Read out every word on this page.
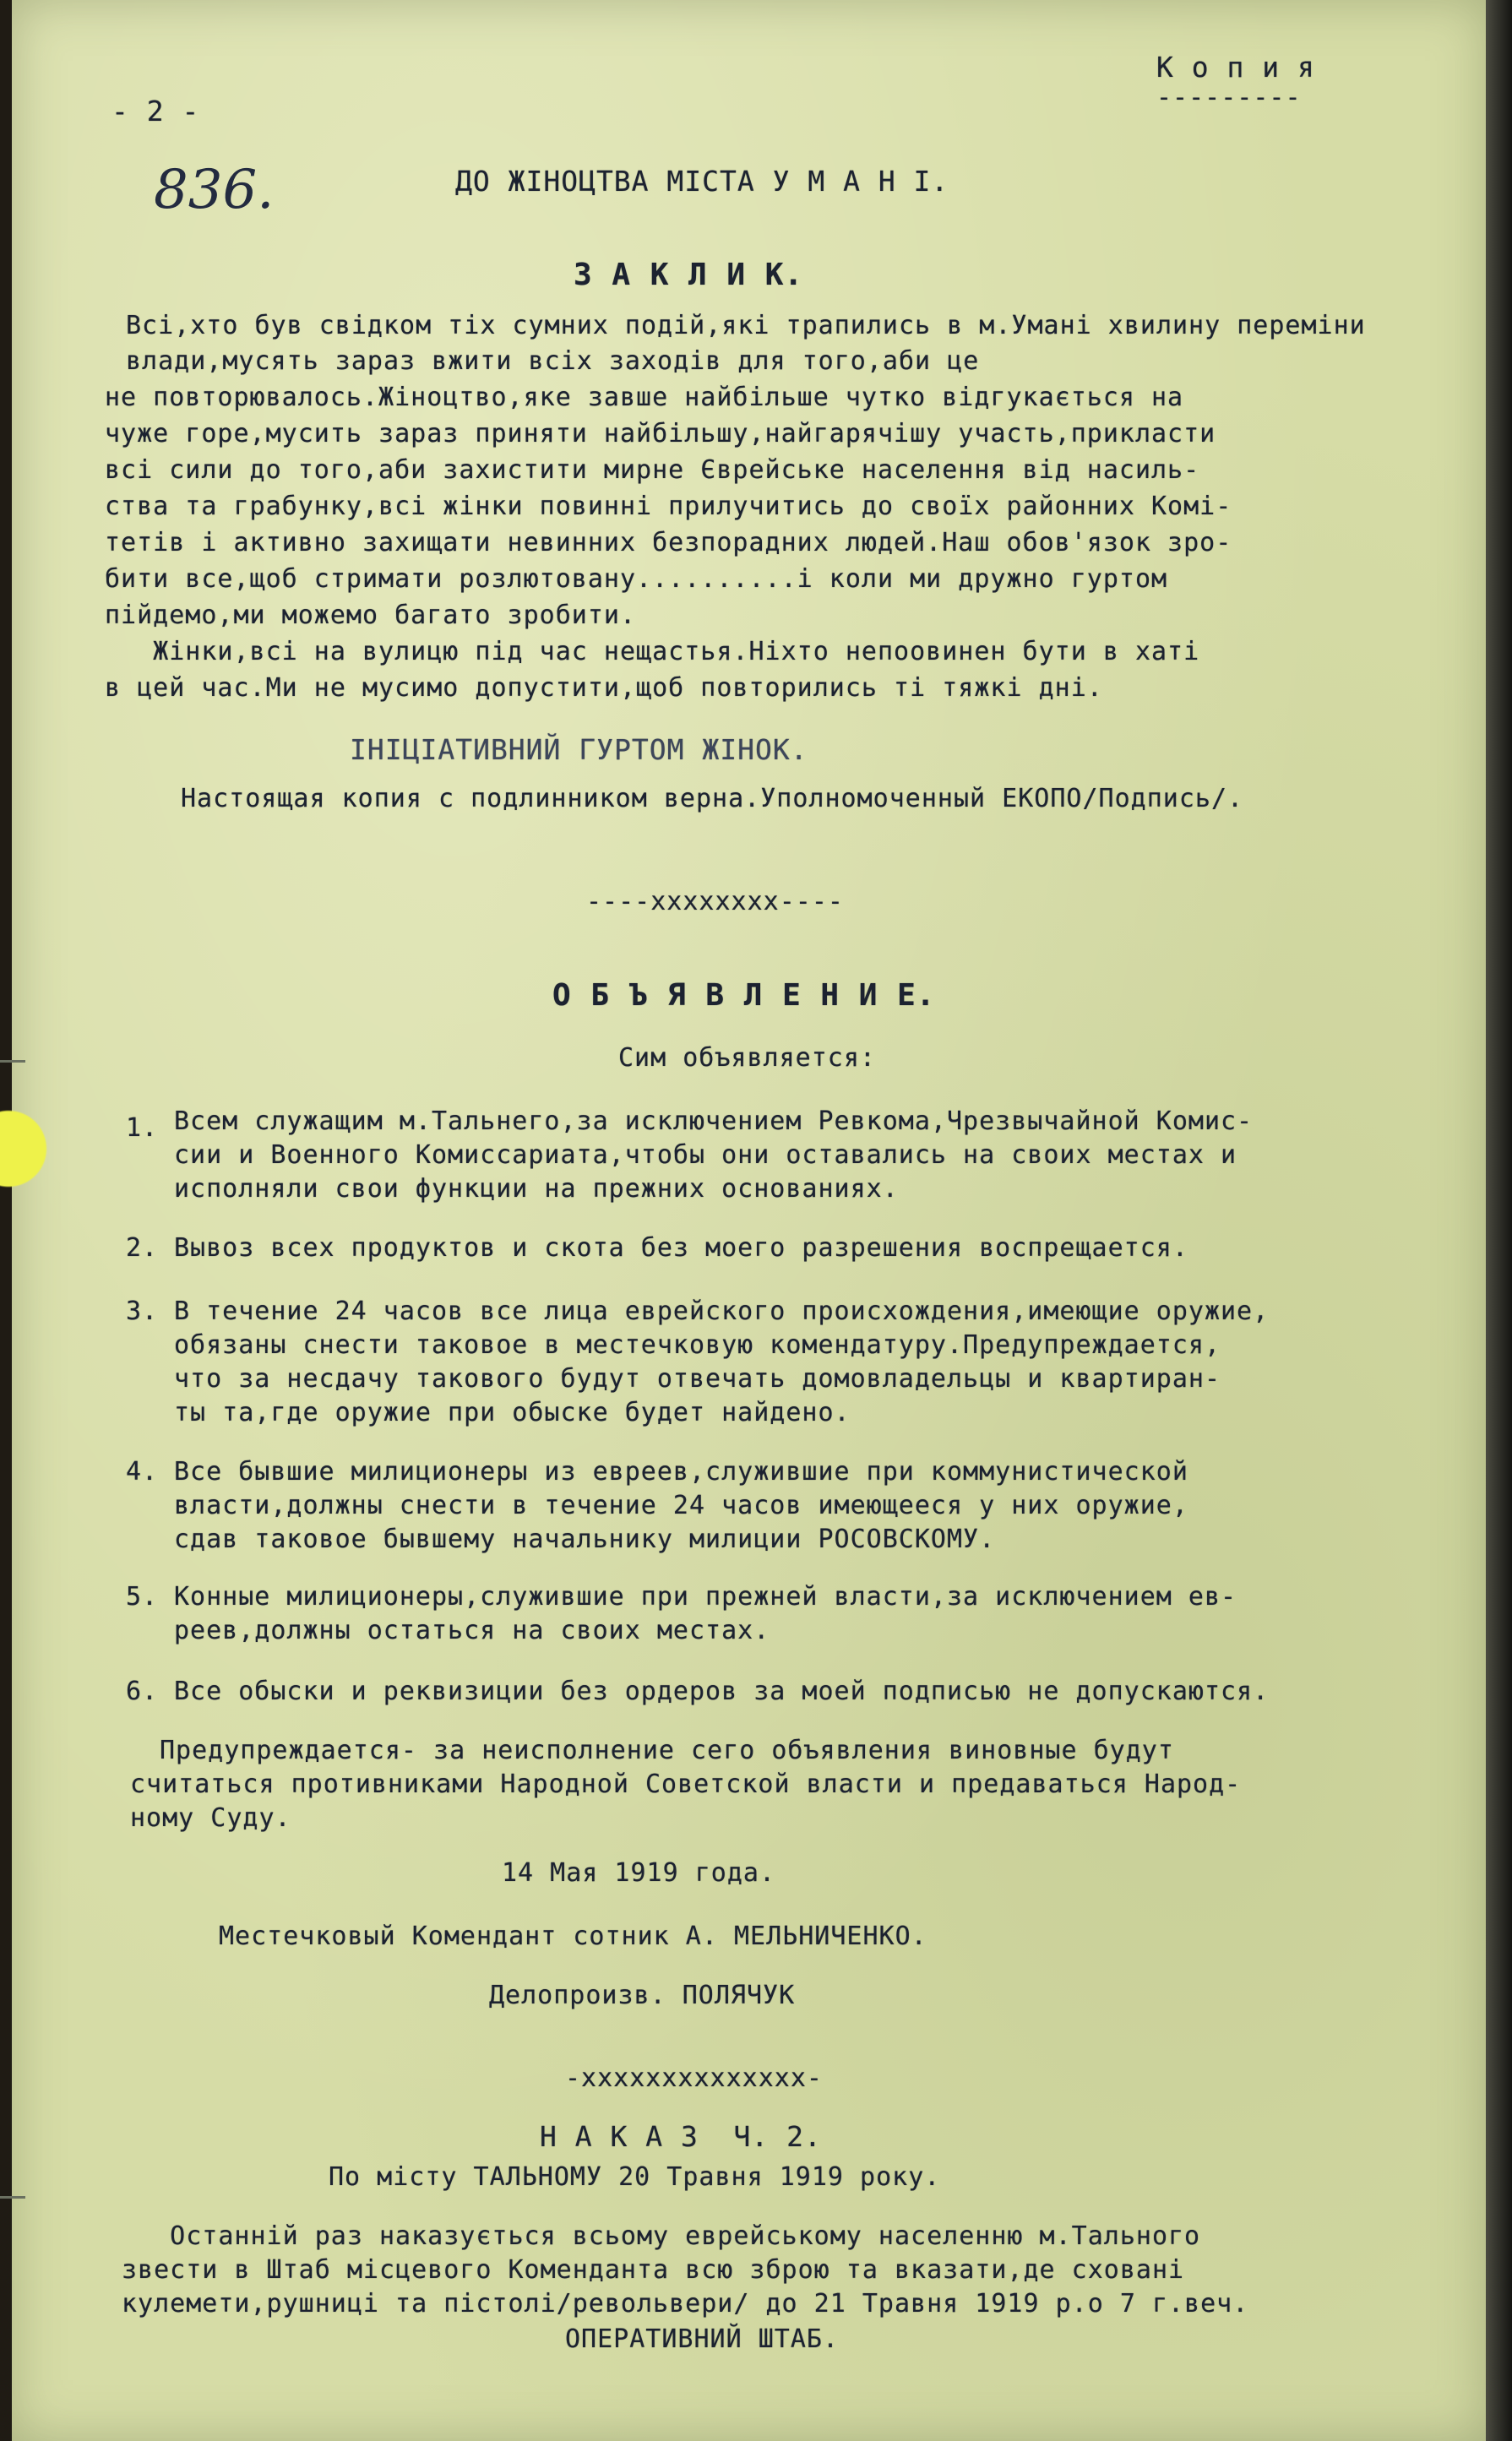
К о п и я
---------
- 2 -
836.	ДО ЖІНОЦТВА МІСТА У М А Н І.
З А К Л И К.
Всі,хто був свідком тіх сумних подій,які трапились в м.Умані хвилину переміни влади,мусять зараз вжити всіх заходів для того,аби це
не повторювалось.Жіноцтво,яке завше найбільше чутко відгукається на
чуже горе,мусить зараз приняти найбільшу,найгарячішу участь,прикласти
всі сили до того,аби захистити мирне Єврейське населення від насиль-
ства та грабунку,всі жінки повинні прилучитись до своїх районних Комі-
тетів і активно захищати невинних безпорадних людей.Наш обов'язок зро-
бити все,щоб стримати розлютовану..........і коли ми дружно гуртом
пійдемо,ми можемо багато зробити.
Жінки,всі на вулицю під час нещастья.Ніхто непоовинен бути в хаті
в цей час.Ми не мусимо допустити,щоб повторились ті тяжкі дні.
ІНІЦІАТИВНИЙ ГУРТОМ ЖІНОК.
Настоящая копия с подлинником верна.Уполномоченный ЕКОПО/Подпись/.
----xxxxxxxx----
О Б Ъ Я В Л Е Н И Е.
Сим объявляется:
1. Всем служащим м.Тальнего,за исключением Ревкома,Чрезвычайной Комис-
сии и Военного Комиссариата,чтобы они оставались на своих местах и
исполняли свои функции на прежних основаниях.
2. Вывоз всех продуктов и скота без моего разрешения воспрещается.
3. В течение 24 часов все лица еврейского происхождения,имеющие оружие,
обязаны снести таковое в местечковую комендатуру.Предупреждается,
что за несдачу такового будут отвечать домовладельцы и квартиран-
ты та,где оружие при обыске будет найдено.
4. Все бывшие милиционеры из евреев,служившие при коммунистической
власти,должны снести в течение 24 часов имеющееся у них оружие,
сдав таковое бывшему начальнику милиции РОСОВСКОМУ.
5. Конные милиционеры,служившие при прежней власти,за исключением ев-
реев,должны остаться на своих местах.
6. Все обыски и реквизиции без ордеров за моей подписью не допускаются.
Предупреждается- за неисполнение сего объявления виновные будут
считаться противниками Народной Советской власти и предаваться Народ-
ному Суду.
14 Мая 1919 года.
Местечковый Комендант сотник А. МЕЛЬНИЧЕНКО.
Делопроизв. ПОЛЯЧУК
-xxxxxxxxxxxxxx-
Н А К А З  Ч. 2.
По місту ТАЛЬНОМУ 20 Травня 1919 року.
Останній раз наказується всьому еврейському населенню м.Тального
звести в Штаб місцевого Коменданта всю зброю та вказати,де сховані
кулемети,рушниці та пістолі/револьвери/ до 21 Травня 1919 р.о 7 г.веч.
ОПЕРАТИВНИЙ ШТАБ.
